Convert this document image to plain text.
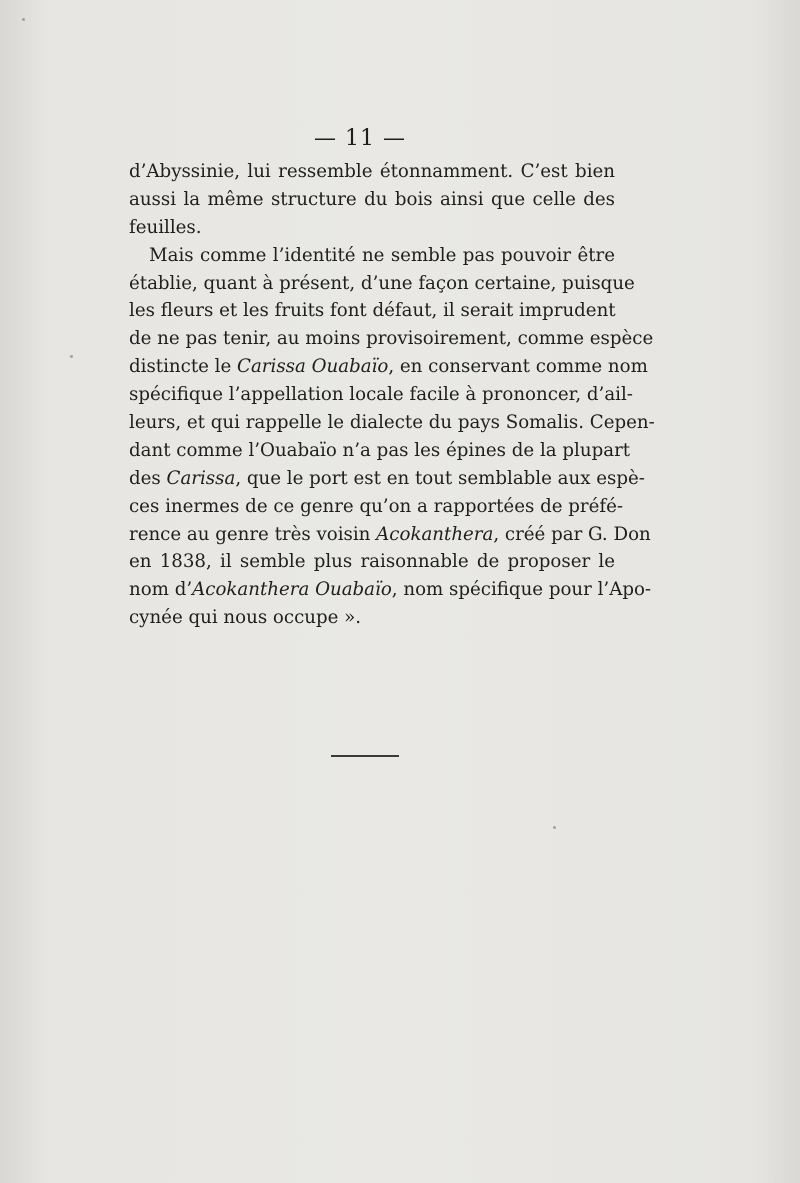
— 11 —
d’Abyssinie, lui ressemble étonnamment. C’est bien
aussi la même structure du bois ainsi que celle des
feuilles.
Mais comme l’identité ne semble pas pouvoir être
établie, quant à présent, d’une façon certaine, puisque
les fleurs et les fruits font défaut, il serait imprudent
de ne pas tenir, au moins provisoirement, comme espèce
distincte le Carissa Ouabaïo, en conservant comme nom
spécifique l’appellation locale facile à prononcer, d’ail-
leurs, et qui rappelle le dialecte du pays Somalis. Cepen-
dant comme l’Ouabaïo n’a pas les épines de la plupart
des Carissa, que le port est en tout semblable aux espè-
ces inermes de ce genre qu’on a rapportées de préfé-
rence au genre très voisin Acokanthera, créé par G. Don
en 1838, il semble plus raisonnable de proposer le
nom d’Acokanthera Ouabaïo, nom spécifique pour l’Apo-
cynée qui nous occupe ».
